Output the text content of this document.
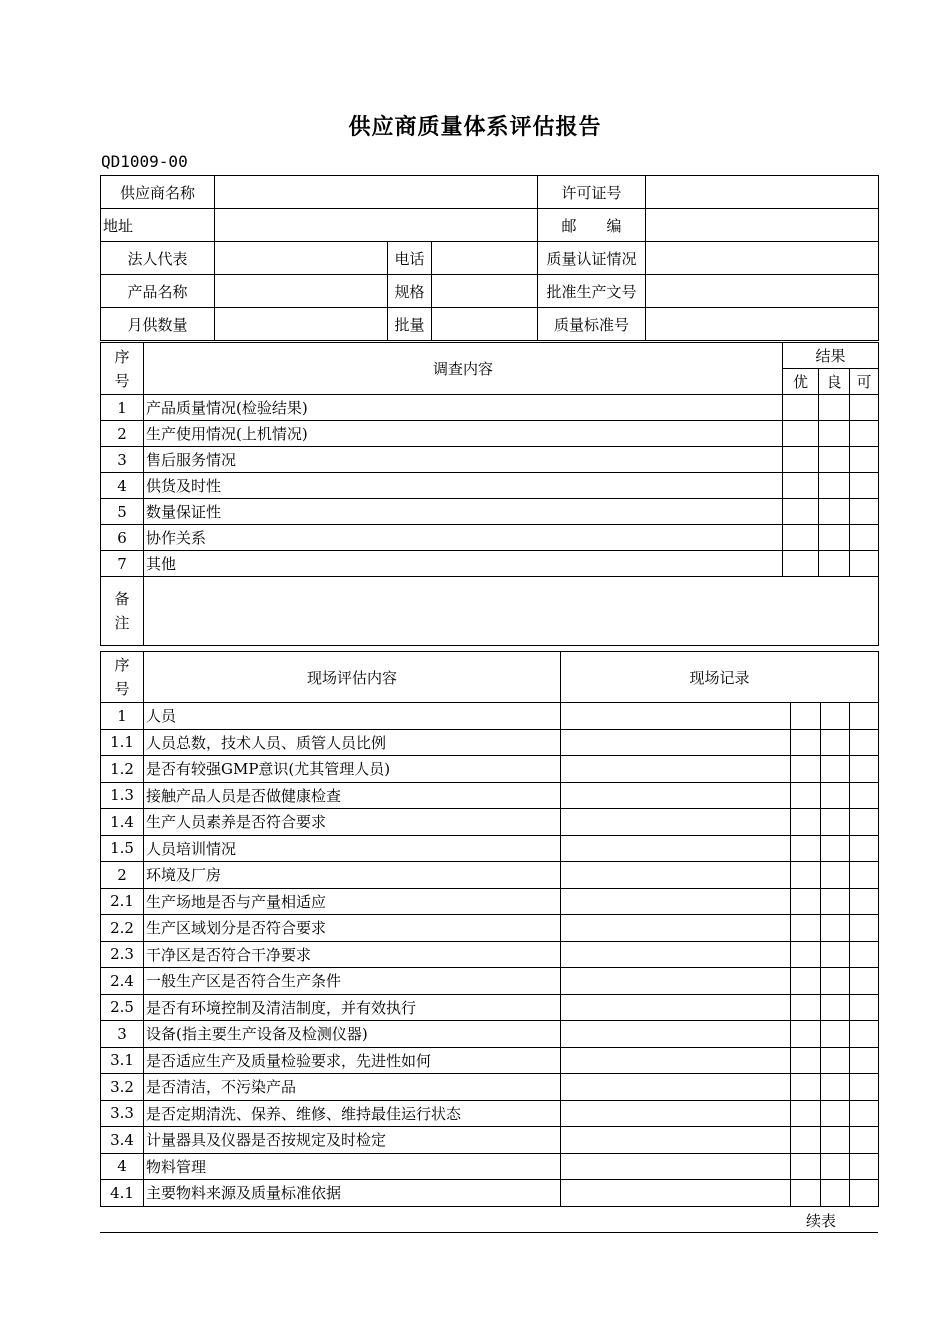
供应商质量体系评估报告
QD1009-00
供应商名称				许可证号	
地址				邮　　编	
法人代表		电话		质量认证情况	
产品名称		规格		批准生产文号	
月供数量		批量		质量标准号	
序
号	调查内容	结果		
		优	良	可
1	产品质量情况(检验结果)			
2	生产使用情况(上机情况)			
3	售后服务情况			
4	供货及时性			
5	数量保证性			
6	协作关系			
7	其他			
备
注				
序
号	现场评估内容	现场记录			
1	人员				
1.1	人员总数，技术人员、质管人员比例				
1.2	是否有较强GMP意识(尤其管理人员)				
1.3	接触产品人员是否做健康检查				
1.4	生产人员素养是否符合要求				
1.5	人员培训情况				
2	环境及厂房				
2.1	生产场地是否与产量相适应				
2.2	生产区域划分是否符合要求				
2.3	干净区是否符合干净要求				
2.4	一般生产区是否符合生产条件				
2.5	是否有环境控制及清洁制度，并有效执行				
3	设备(指主要生产设备及检测仪器)				
3.1	是否适应生产及质量检验要求，先进性如何				
3.2	是否清洁，不污染产品				
3.3	是否定期清洗、保养、维修、维持最佳运行状态				
3.4	计量器具及仪器是否按规定及时检定				
4	物料管理				
4.1	主要物料来源及质量标准依据				
续表
